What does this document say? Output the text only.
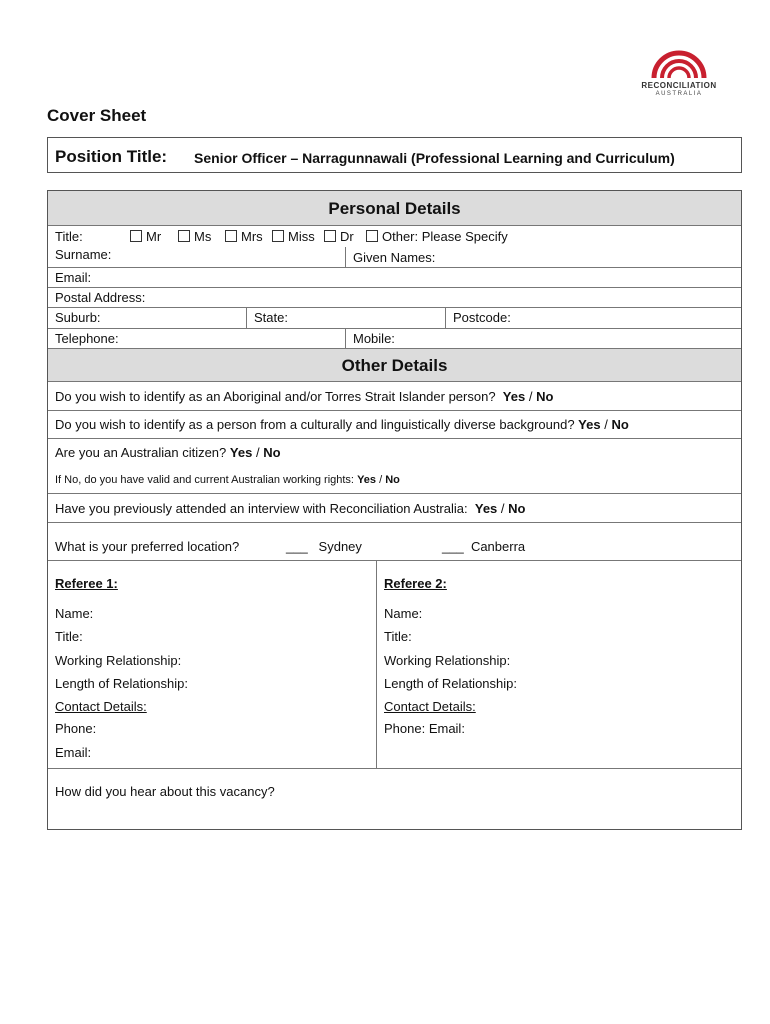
RECONCILIATION
AUSTRALIA
Cover Sheet
Position Title: Senior Officer – Narragunnawali (Professional Learning and Curriculum)
Personal Details
Title:	Mr	Ms	Mrs	Miss	Dr	Other: Please Specify
Surname:	Given Names:
Email:
Postal Address:
Suburb:	State:	Postcode:
Telephone:	Mobile:
Other Details
Do you wish to identify as an Aboriginal and/or Torres Strait Islander person? Yes / No
Do you wish to identify as a person from a culturally and linguistically diverse background? Yes / No
Are you an Australian citizen? Yes / No
If No, do you have valid and current Australian working rights: Yes / No
Have you previously attended an interview with Reconciliation Australia: Yes / No
What is your preferred location?	___ Sydney	___ Canberra
Referee 1:	Referee 2:
Name:	Name:
Title:	Title:
Working Relationship:	Working Relationship:
Length of Relationship:	Length of Relationship:
Contact Details:	Contact Details:
Phone:	Phone: Email:
Email:
How did you hear about this vacancy?
